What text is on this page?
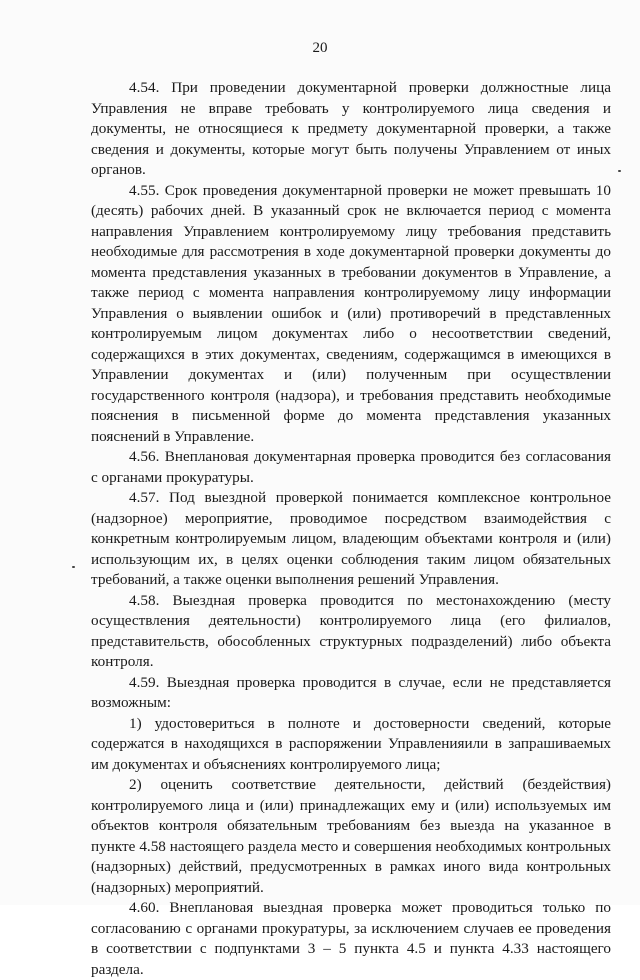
20

4.54. При проведении документарной проверки должностные лица Управления не вправе требовать у контролируемого лица сведения и документы, не относящиеся к предмету документарной проверки, а также сведения и документы, которые могут быть получены Управлением от иных органов.

4.55. Срок проведения документарной проверки не может превышать 10 (десять) рабочих дней. В указанный срок не включается период с момента направления Управлением контролируемому лицу требования представить необходимые для рассмотрения в ходе документарной проверки документы до момента представления указанных в требовании документов в Управление, а также период с момента направления контролируемому лицу информации Управления о выявлении ошибок и (или) противоречий в представленных контролируемым лицом документах либо о несоответствии сведений, содержащихся в этих документах, сведениям, содержащимся в имеющихся в Управлении документах и (или) полученным при осуществлении государственного контроля (надзора), и требования представить необходимые пояснения в письменной форме до момента представления указанных пояснений в Управление.

4.56. Внеплановая документарная проверка проводится без согласования с органами прокуратуры.

4.57. Под выездной проверкой понимается комплексное контрольное (надзорное) мероприятие, проводимое посредством взаимодействия с конкретным контролируемым лицом, владеющим объектами контроля и (или) использующим их, в целях оценки соблюдения таким лицом обязательных требований, а также оценки выполнения решений Управления.

4.58. Выездная проверка проводится по местонахождению (месту осуществления деятельности) контролируемого лица (его филиалов, представительств, обособленных структурных подразделений) либо объекта контроля.

4.59. Выездная проверка проводится в случае, если не представляется возможным:

1) удостовериться в полноте и достоверности сведений, которые содержатся в находящихся в распоряжении Управленияили в запрашиваемых им документах и объяснениях контролируемого лица;

2) оценить соответствие деятельности, действий (бездействия) контролируемого лица и (или) принадлежащих ему и (или) используемых им объектов контроля обязательным требованиям без выезда на указанное в пункте 4.58 настоящего раздела место и совершения необходимых контрольных (надзорных) действий, предусмотренных в рамках иного вида контрольных (надзорных) мероприятий.

4.60. Внеплановая выездная проверка может проводиться только по согласованию с органами прокуратуры, за исключением случаев ее проведения в соответствии с подпунктами 3 – 5 пункта 4.5 и пункта 4.33 настоящего раздела.
